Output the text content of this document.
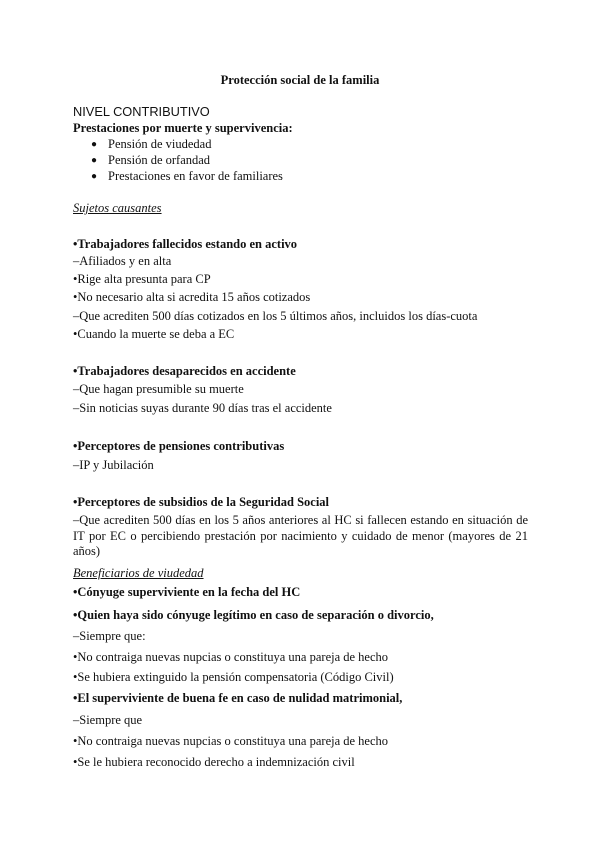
Protección social de la familia
NIVEL CONTRIBUTIVO
Prestaciones por muerte y supervivencia:
● Pensión de viudedad
● Pensión de orfandad
● Prestaciones en favor de familiares
Sujetos causantes
•Trabajadores fallecidos estando en activo
–Afiliados y en alta
•Rige alta presunta para CP
•No necesario alta si acredita 15 años cotizados
–Que acrediten 500 días cotizados en los 5 últimos años, incluidos los días-cuota
•Cuando la muerte se deba a EC
•Trabajadores desaparecidos en accidente
–Que hagan presumible su muerte
–Sin noticias suyas durante 90 días tras el accidente
•Perceptores de pensiones contributivas
–IP y Jubilación
•Perceptores de subsidios de la Seguridad Social
–Que acrediten 500 días en los 5 años anteriores al HC si fallecen estando en situación de IT por EC o percibiendo prestación por nacimiento y cuidado de menor (mayores de 21 años)
Beneficiarios de viudedad
•Cónyuge superviviente en la fecha del HC
•Quien haya sido cónyuge legítimo en caso de separación o divorcio,
–Siempre que:
•No contraiga nuevas nupcias o constituya una pareja de hecho
•Se hubiera extinguido la pensión compensatoria (Código Civil)
•El superviviente de buena fe en caso de nulidad matrimonial,
–Siempre que
•No contraiga nuevas nupcias o constituya una pareja de hecho
•Se le hubiera reconocido derecho a indemnización civil
